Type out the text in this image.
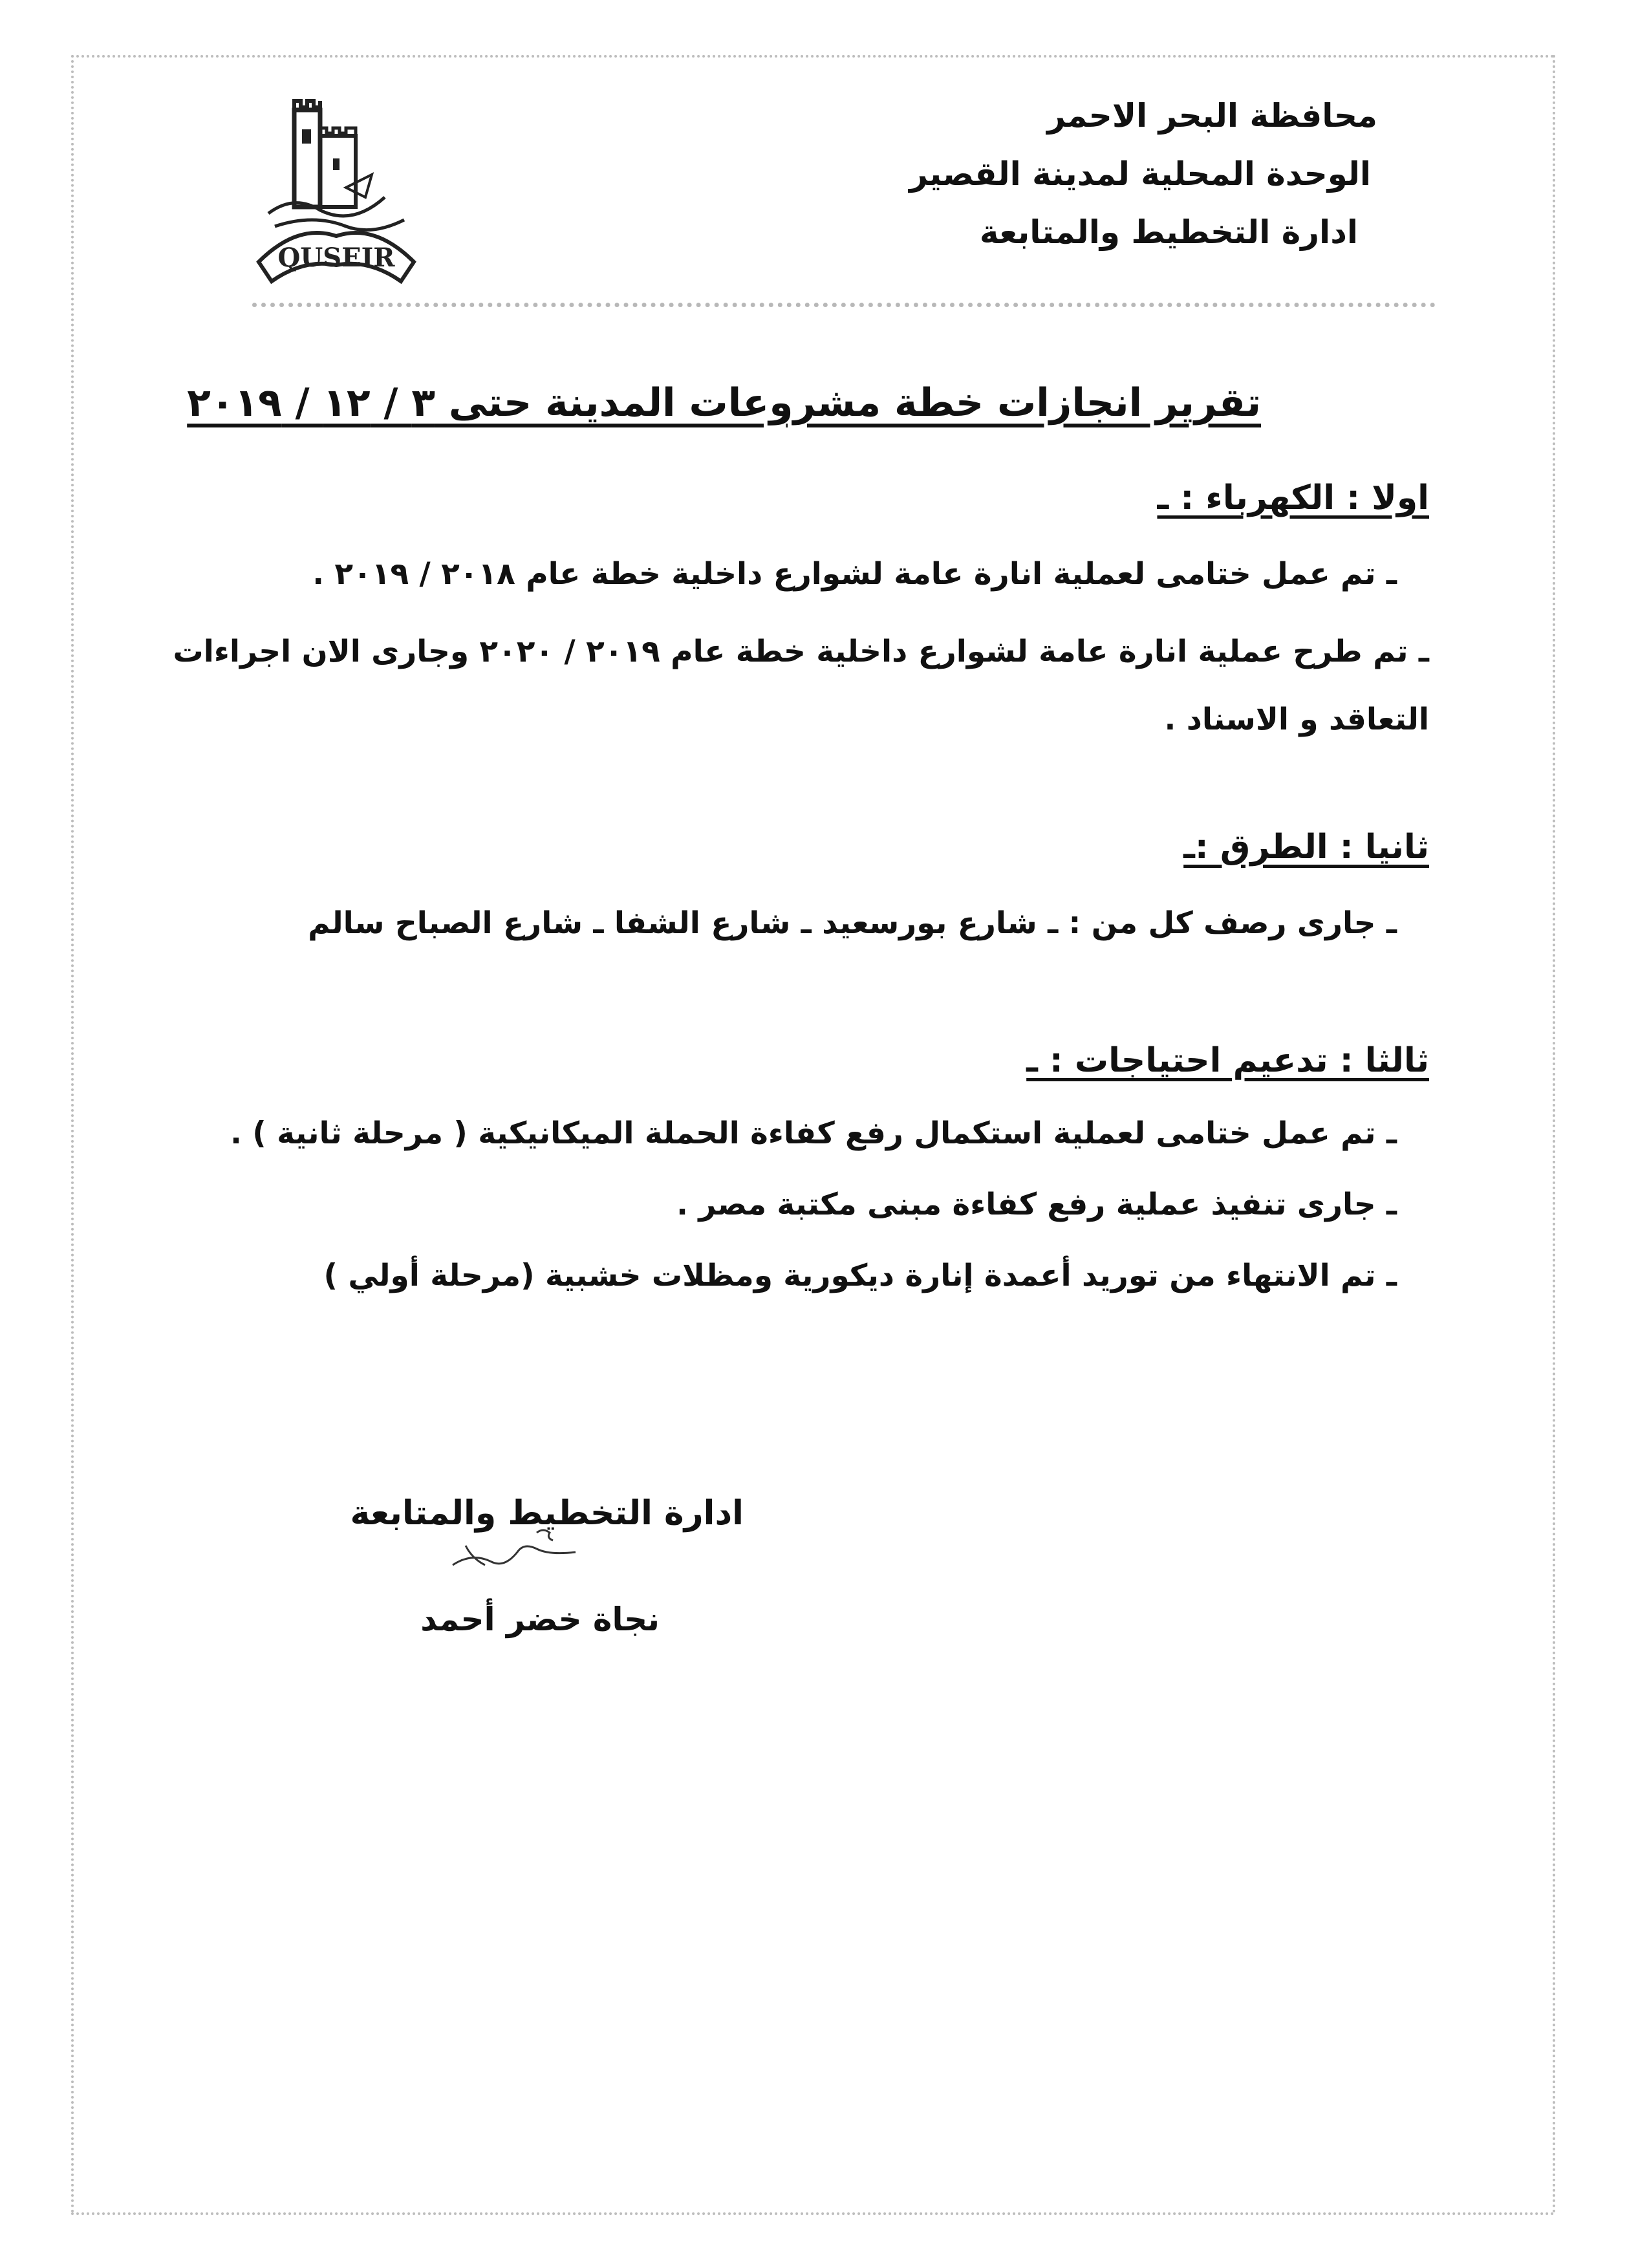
QUSEIR
محافظة البحر الاحمر
الوحدة المحلية لمدينة القصير
ادارة التخطيط والمتابعة
تقرير انجازات خطة مشروعات المدينة حتى ٣ / ١٢ / ٢٠١٩
اولا : الكهرباء : ـ
ـ تم عمل ختامى لعملية انارة عامة لشوارع داخلية خطة عام ٢٠١٨ / ٢٠١٩ .
ـ تم طرح عملية انارة عامة لشوارع داخلية خطة عام ٢٠١٩ / ٢٠٢٠ وجارى الان اجراءات التعاقد و الاسناد .
ثانيا : الطرق :ـ
ـ جارى رصف كل من : ـ شارع بورسعيد ـ شارع الشفا ـ شارع الصباح سالم
ثالثا : تدعيم احتياجات : ـ
ـ تم عمل ختامى لعملية استكمال رفع كفاءة الحملة الميكانيكية ( مرحلة ثانية ) .
ـ جارى تنفيذ عملية رفع كفاءة مبنى مكتبة مصر .
ـ تم الانتهاء من توريد أعمدة إنارة ديكورية ومظلات خشبية (مرحلة أولي )
ادارة التخطيط والمتابعة
نجاة خضر أحمد
